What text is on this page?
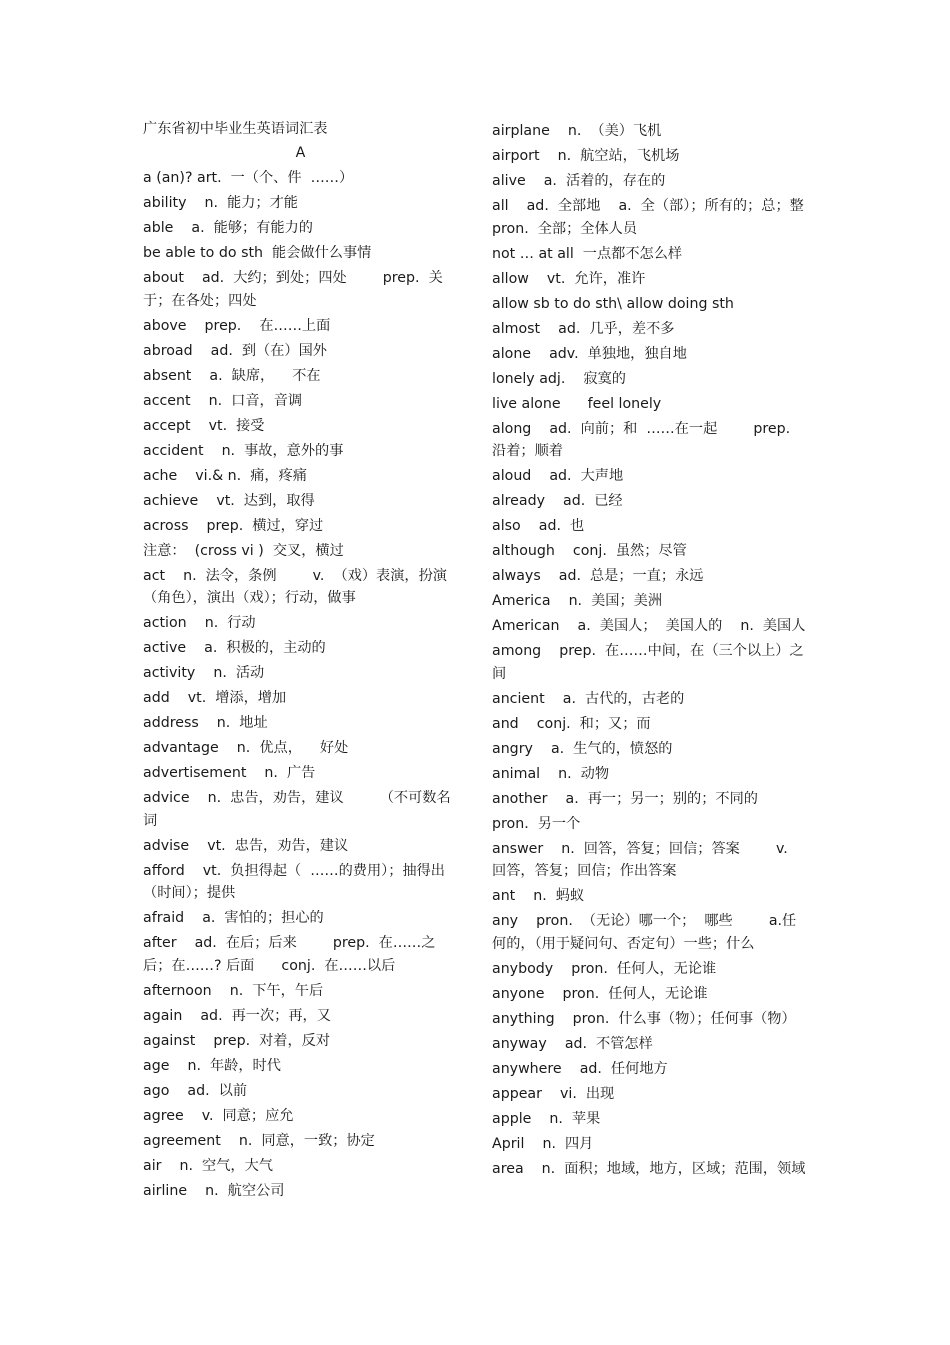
广东省初中毕业生英语词汇表
A
a (an)? art.  一（个、件  ……）
ability    n.  能力；才能
able    a.  能够；有能力的
be able to do sth  能会做什么事情
about    ad.  大约；到处；四处        prep.  关于；在各处；四处
above    prep.    在……上面
abroad    ad.  到（在）国外
absent    a.  缺席，    不在
accent    n.  口音，音调
accept    vt.  接受
accident    n.  事故，意外的事
ache    vi.& n.  痛，疼痛
achieve    vt.  达到，取得
across    prep.  横过，穿过
注意：  (cross vi )  交叉，横过
act    n.  法令，条例        v.  （戏）表演，扮演（角色），演出（戏）；行动，做事
action    n.  行动
active    a.  积极的，主动的
activity    n.  活动
add    vt.  增添，增加
address    n.  地址
advantage    n.  优点，    好处
advertisement    n.  广告
advice    n.  忠告，劝告，建议        （不可数名词
advise    vt.  忠告，劝告，建议
afford    vt.  负担得起（  ……的费用）；抽得出（时间）；提供
afraid    a.  害怕的；担心的
after    ad.  在后；后来        prep.  在……之后；在……? 后面      conj.  在……以后
afternoon    n.  下午，午后
again    ad.  再一次；再，又
against    prep.  对着，反对
age    n.  年龄，时代
ago    ad.  以前
agree    v.  同意；应允
agreement    n.  同意，一致；协定
air    n.  空气，大气
airline    n.  航空公司
airplane    n.  （美）飞机
airport    n.  航空站，飞机场
alive    a.  活着的，存在的
all    ad.  全部地    a.  全（部）；所有的；总；整    pron.  全部；全体人员
not … at all  一点都不怎么样
allow    vt.  允许，准许
allow sb to do sth\ allow doing sth
almost    ad.  几乎，差不多
alone    adv.  单独地，独自地
lonely adj.    寂寞的
live alone      feel lonely
along    ad.  向前；和  ……在一起        prep.  沿着；顺着
aloud    ad.  大声地
already    ad.  已经
also    ad.  也
although    conj.  虽然；尽管
always    ad.  总是；一直；永远
America    n.  美国；美洲
American    a.  美国人；  美国人的    n.  美国人
among    prep.  在……中间，在（三个以上）之间
ancient    a.  古代的，古老的
and    conj.  和；又；而
angry    a.  生气的，愤怒的
animal    n.  动物
another    a.  再一；另一；别的；不同的
pron.  另一个
answer    n.  回答，答复；回信；答案        v.  回答，答复；回信；作出答案
ant    n.  蚂蚁
any    pron.  （无论）哪一个；  哪些        a.任何的，（用于疑问句、否定句）一些；什么
anybody    pron.  任何人，无论谁
anyone    pron.  任何人，无论谁
anything    pron.  什么事（物）；任何事（物）
anyway    ad.  不管怎样
anywhere    ad.  任何地方
appear    vi.  出现
apple    n.  苹果
April    n.  四月
area    n.  面积；地域，地方，区域；范围，领域
